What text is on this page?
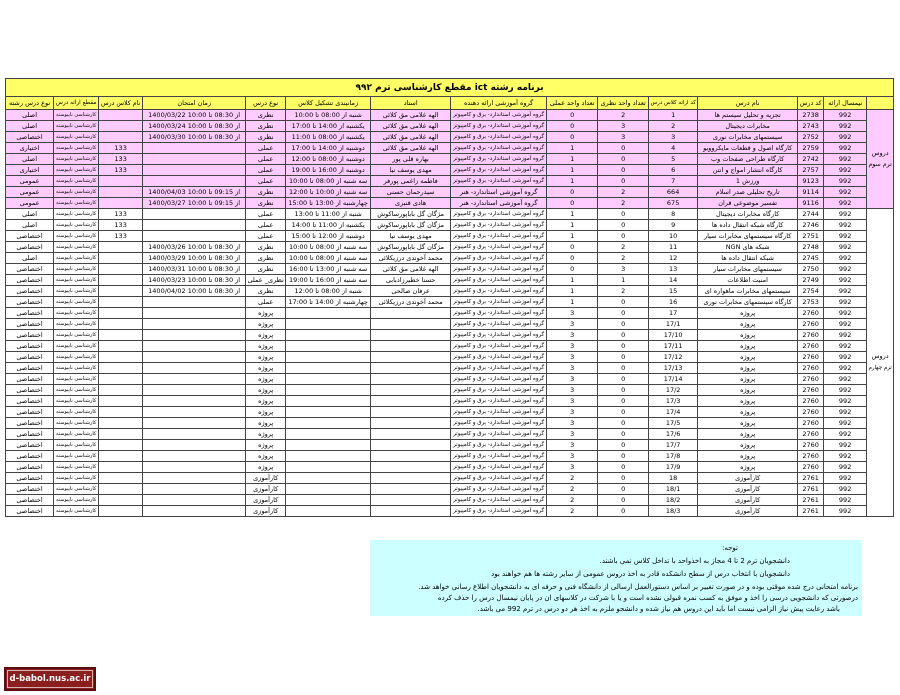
برنامه رشته ict مقطع کارشناسی ترم ۹۹۲														
	نیمسال ارائه	کد درس	نام درس	کد ارائه کلاس درس	تعداد واحد نظری	تعداد واحد عملی	گروه آموزشی ارائه دهنده	استاد	زمانبندی تشکیل کلاس	نوع درس	زمان امتحان	نام کلاس درس	مقطع ارائه درس	نوع درس رشته
دروس
ترم سوم	992	2738	تجزیه و تحلیل سیستم ها	1	2	0	گروه آموزشی استاندارد- برق و کامپیوتر	الهه غلامی مق کلائی	شنبه از 08:00 تا 10:00	نظری	از 08:30 تا 10:00 1400/03/22		کارشناسی ناپیوسته	اصلی
	992	2743	مخابرات دیجیتال	2	3	0	گروه آموزشی استاندارد- برق و کامپیوتر	الهه غلامی مق کلائی	یکشنبه از 14:00 تا 17:00	نظری	از 08:30 تا 10:00 1400/03/24		کارشناسی ناپیوسته	اصلی
	992	2752	سیستمهای مخابرات نوری	3	3	0	گروه آموزشی استاندارد- برق و کامپیوتر	الهه غلامی مق کلائی	یکشنبه از 08:00 تا 11:00	نظری	از 08:30 تا 10:00 1400/03/30		کارشناسی ناپیوسته	اختصاصی
	992	2759	کارگاه اصول و قطعات مایکروویو	4	0	1	گروه آموزشی استاندارد- برق و کامپیوتر	الهه غلامی مق کلائی	دوشنبه از 14:00 تا 17:00	عملی		133	کارشناسی ناپیوسته	اختیاری
	992	2742	کارگاه طراحی صفحات وب	5	0	1	گروه آموزشی استاندارد- برق و کامپیوتر	بهاره قلی پور	دوشنبه از 08:00 تا 12:00	عملی		133	کارشناسی ناپیوسته	اصلی
	992	2757	کارگاه انتشار امواج و انتن	6	0	1	گروه آموزشی استاندارد- برق و کامپیوتر	مهدی یوسف نیا	دوشنبه از 16:00 تا 19:00	عملی		133	کارشناسی ناپیوسته	اختیاری
	992	9123	ورزش 1	7	0	1	گروه آموزشی استاندارد- برق و کامپیوتر	فاطمه زاغمی پورفر	سه شنبه از 08:00 تا 10:00	عملی			کارشناسی ناپیوسته	عمومی
	992	9114	تاریخ تحلیلی صدر اسلام	664	2	0	گروه آموزشی استاندارد- هنر	سیدرحمان حسنی	سه شنبه از 10:00 تا 12:00	نظری	از 09:15 تا 10:00 1400/04/03		کارشناسی ناپیوسته	عمومی
	992	9116	تفسیر موضوعی قران	675	2	0	گروه آموزشی استاندارد- هنر	هادی قنبری	چهارشنبه از 13:00 تا 15:00	نظری	از 09:15 تا 10:00 1400/03/27		کارشناسی ناپیوسته	عمومی
دروس
ترم چهارم	992	2744	کارگاه مخابرات دیجیتال	8	0	1	گروه آموزشی استاندارد- برق و کامپیوتر	مژگان گل باباپورساکوش	شنبه از 11:00 تا 13:00	عملی		133	کارشناسی ناپیوسته	اصلی
	992	2746	کارگاه شبکه انتقال داده ها	9	0	1	گروه آموزشی استاندارد- برق و کامپیوتر	مژگان گل باباپورساکوش	یکشنبه از 11:00 تا 14:00	عملی		133	کارشناسی ناپیوسته	اصلی
	992	2751	کارگاه سیستمهای مخابرات سیار	10	0	1	گروه آموزشی استاندارد- برق و کامپیوتر	مهدی یوسف نیا	دوشنبه از 12:00 تا 15:00	عملی		133	کارشناسی ناپیوسته	اختصاصی
	992	2748	شبکه های NGN	11	2	0	گروه آموزشی استاندارد- برق و کامپیوتر	مژگان گل باباپورساکوش	سه شنبه از 08:00 تا 10:00	نظری	از 08:30 تا 10:00 1400/03/26		کارشناسی ناپیوسته	اختصاصی
	992	2745	شبکه انتقال داده ها	12	2	0	گروه آموزشی استاندارد- برق و کامپیوتر	محمد آخوندی درزیکلائی	سه شنبه از 08:00 تا 10:00	نظری	از 08:30 تا 10:00 1400/03/29		کارشناسی ناپیوسته	اصلی
	992	2750	سیستمهای مخابرات سیار	13	3	0	گروه آموزشی استاندارد- برق و کامپیوتر	الهه غلامی مق کلائی	سه شنبه از 13:00 تا 16:00	نظری	از 08:30 تا 10:00 1400/03/31		کارشناسی ناپیوسته	اختصاصی
	992	2749	امنیت اطلاعات	14	1	1	گروه آموزشی استاندارد- برق و کامپیوتر	حسنا خطیرزادبابی	سه شنبه از 16:00 تا 19:00	نظری_ عملی	از 08:30 تا 10:00 1400/03/23		کارشناسی ناپیوسته	اختصاصی
	992	2754	سیستمهای مخابرات ماهواره ای	15	2	1	گروه آموزشی استاندارد- برق و کامپیوتر	عرفان صالحی	شنبه از 08:00 تا 12:00	نظری	از 08:30 تا 10:00 1400/04/02		کارشناسی ناپیوسته	اختصاصی
	992	2753	کارگاه سیستمهای مخابرات نوری	16	0	1	گروه آموزشی استاندارد- برق و کامپیوتر	محمد آخوندی درزیکلائی	چهارشنبه از 14:00 تا 17:00	عملی			کارشناسی ناپیوسته	اختصاصی
	992	2760	پروژه	17	0	3	گروه آموزشی استاندارد- برق و کامپیوتر			پروژه			کارشناسی ناپیوسته	اختصاصی
	992	2760	پروژه	17/1	0	3	گروه آموزشی استاندارد- برق و کامپیوتر			پروژه			کارشناسی ناپیوسته	اختصاصی
	992	2760	پروژه	17/10	0	3	گروه آموزشی استاندارد- برق و کامپیوتر			پروژه			کارشناسی ناپیوسته	اختصاصی
	992	2760	پروژه	17/11	0	3	گروه آموزشی استاندارد- برق و کامپیوتر			پروژه			کارشناسی ناپیوسته	اختصاصی
	992	2760	پروژه	17/12	0	3	گروه آموزشی استاندارد- برق و کامپیوتر			پروژه			کارشناسی ناپیوسته	اختصاصی
	992	2760	پروژه	17/13	0	3	گروه آموزشی استاندارد- برق و کامپیوتر			پروژه			کارشناسی ناپیوسته	اختصاصی
	992	2760	پروژه	17/14	0	3	گروه آموزشی استاندارد- برق و کامپیوتر			پروژه			کارشناسی ناپیوسته	اختصاصی
	992	2760	پروژه	17/2	0	3	گروه آموزشی استاندارد- برق و کامپیوتر			پروژه			کارشناسی ناپیوسته	اختصاصی
	992	2760	پروژه	17/3	0	3	گروه آموزشی استاندارد- برق و کامپیوتر			پروژه			کارشناسی ناپیوسته	اختصاصی
	992	2760	پروژه	17/4	0	3	گروه آموزشی استاندارد- برق و کامپیوتر			پروژه			کارشناسی ناپیوسته	اختصاصی
	992	2760	پروژه	17/5	0	3	گروه آموزشی استاندارد- برق و کامپیوتر			پروژه			کارشناسی ناپیوسته	اختصاصی
	992	2760	پروژه	17/6	0	3	گروه آموزشی استاندارد- برق و کامپیوتر			پروژه			کارشناسی ناپیوسته	اختصاصی
	992	2760	پروژه	17/7	0	3	گروه آموزشی استاندارد- برق و کامپیوتر			پروژه			کارشناسی ناپیوسته	اختصاصی
	992	2760	پروژه	17/8	0	3	گروه آموزشی استاندارد- برق و کامپیوتر			پروژه			کارشناسی ناپیوسته	اختصاصی
	992	2760	پروژه	17/9	0	3	گروه آموزشی استاندارد- برق و کامپیوتر			پروژه			کارشناسی ناپیوسته	اختصاصی
	992	2761	کارآموزی	18	0	2	گروه آموزشی استاندارد- برق و کامپیوتر			کارآموزی			کارشناسی ناپیوسته	اختصاصی
	992	2761	کارآموزی	18/1	0	2	گروه آموزشی استاندارد- برق و کامپیوتر			کارآموزی			کارشناسی ناپیوسته	اختصاصی
	992	2761	کارآموزی	18/2	0	2	گروه آموزشی استاندارد- برق و کامپیوتر			کارآموزی			کارشناسی ناپیوسته	اختصاصی
	992	2761	کارآموزی	18/3	0	2	گروه آموزشی استاندارد- برق و کامپیوتر			کارآموزی			کارشناسی ناپیوسته	اختصاصی
توجه:
دانشجویان ترم 2 تا 4 مجاز به اخذواحد با تداخل کلاس نمی باشند.
دانشجویان با انتخاب درس از سطح دانشکده قادر به اخذ دروس عمومی از سایر رشته ها هم خواهند بود
برنامه امتحانی درج شده موقتی بوده و در صورت تغییر بر اساس دستورالعمل ارسالی از دانشگاه فنی و حرفه ای به دانشجویان اطلاع رسانی خواهد شد.
درصورتی که دانشجویی درسی را اخذ و موفق به کسب نمره قبولی نشده است و یا با شرکت در کلاسهای ان در پایان نیمسال درس را حذف کرده
باشد رعایت پیش نیاز الزامی نیست اما باید این دروس هم نیاز شده و دانشجو ملزم به اخذ هر دو درس در ترم 992 می باشد.
d-babol.nus.ac.ir
